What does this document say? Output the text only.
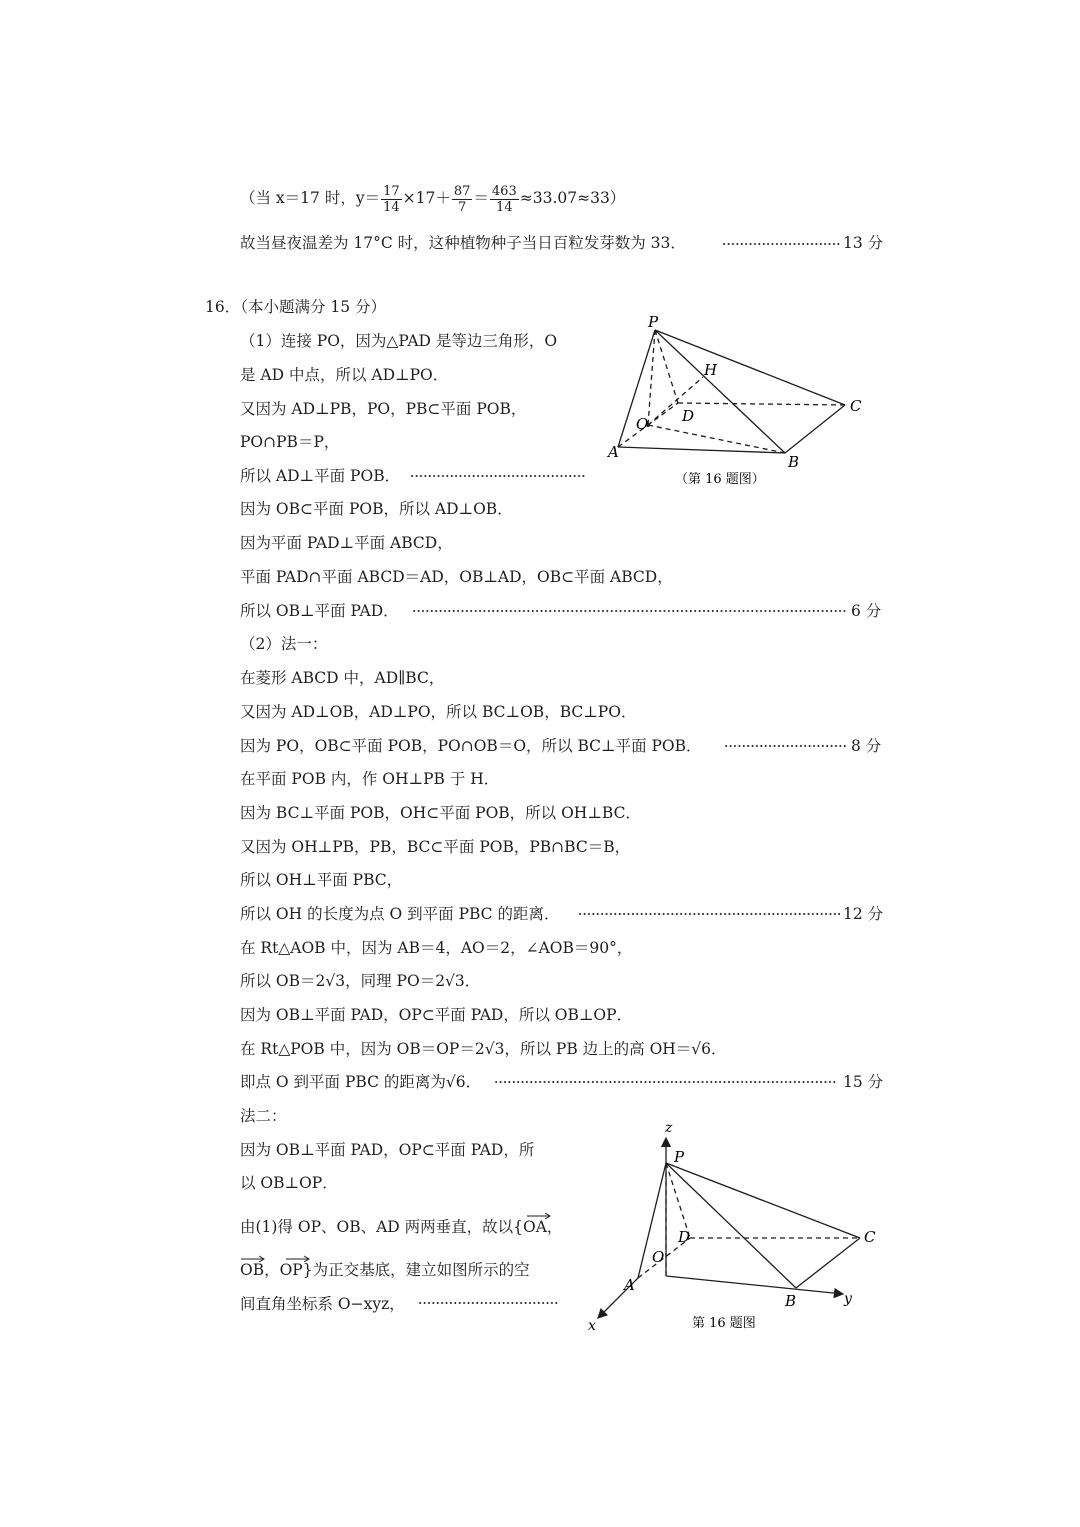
（当 x＝17 时，$y= \frac{17}{14} \times 17+ \frac{87}{7} = \frac{463}{14} \approx 33.07\approx 33$）
故当昼夜温差为 17°C 时，这种植物种子当日百粒发芽数为 33．	13 分
16．（本小题满分 15 分）
（1）连接 PO，因为△PAD 是等边三角形，O
是 AD 中点，所以 AD⊥PO．
又因为 AD⊥PB，PO，PB⊂平面 POB，
PO∩PB＝P，
所以 AD⊥平面 POB．
因为 OB⊂平面 POB，所以 AD⊥OB．
因为平面 PAD⊥平面 ABCD，
平面 PAD∩平面 ABCD＝AD，OB⊥AD，OB⊂平面 ABCD，
所以 OB⊥平面 PAD．	6 分
（2）法一：
在菱形 ABCD 中，AD∥BC，
又因为 AD⊥OB，AD⊥PO，所以 BC⊥OB，BC⊥PO．
因为 PO，OB⊂平面 POB，PO∩OB＝O，所以 BC⊥平面 POB．	8 分
在平面 POB 内，作 OH⊥PB 于 H．
因为 BC⊥平面 POB，OH⊂平面 POB，所以 OH⊥BC．
又因为 OH⊥PB，PB，BC⊂平面 POB，PB∩BC＝B，
所以 OH⊥平面 PBC，
所以 OH 的长度为点 O 到平面 PBC 的距离．	12 分
在 Rt△AOB 中，因为 AB＝4，AO＝2，∠AOB＝90°，
所以 OB＝2√3，同理 PO＝2√3．
因为 OB⊥平面 PAD，OP⊂平面 PAD，所以 OB⊥OP．
在 Rt△POB 中，因为 OB＝OP＝2√3，所以 PB 边上的高 OH＝√6．
即点 O 到平面 PBC 的距离为√6．	15 分
法二：
因为 OB⊥平面 PAD，OP⊂平面 PAD，所
以 OB⊥OP．
由(1)得 OP、OB、AD 两两垂直，故以{OA，
OB，OP}为正交基底，建立如图所示的空
间直角坐标系 O−xyz，
P
H
C
D
O
A
B
（第 16 题图）
z
P
D	C
O
A
B	y
x	第 16 题图
